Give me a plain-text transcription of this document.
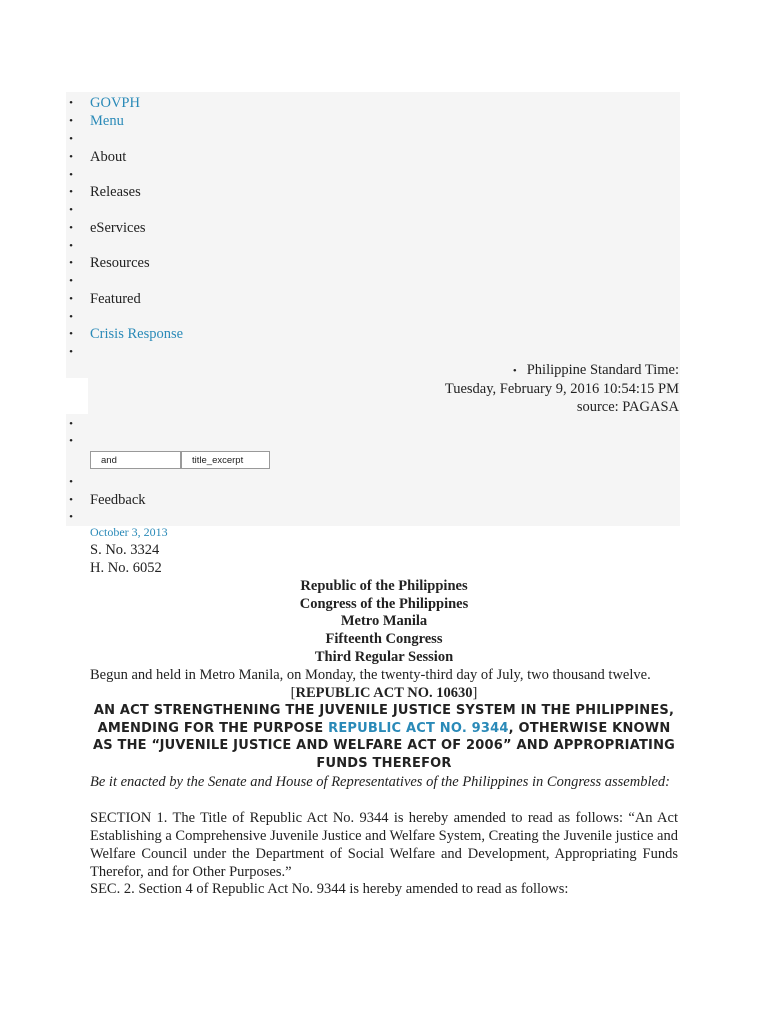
• GOVPH
• Menu
•
• About
•
• Releases
•
• eServices
•
• Resources
•
• Featured
•
• Crisis Response
•
•
•
•
• Feedback
•
• Philippine Standard Time:
Tuesday, February 9, 2016 10:54:15 PM
source: PAGASA
and	title_excerpt
October 3, 2013
S. No. 3324
H. No. 6052
Republic of the Philippines
Congress of the Philippines
Metro Manila
Fifteenth Congress
Third Regular Session
Begun and held in Metro Manila, on Monday, the twenty-third day of July, two thousand twelve.
[REPUBLIC ACT NO. 10630]
AN ACT STRENGTHENING THE JUVENILE JUSTICE SYSTEM IN THE PHILIPPINES, AMENDING FOR THE PURPOSE REPUBLIC ACT NO. 9344, OTHERWISE KNOWN AS THE “JUVENILE JUSTICE AND WELFARE ACT OF 2006” AND APPROPRIATING FUNDS THEREFOR
Be it enacted by the Senate and House of Representatives of the Philippines in Congress assembled:
SECTION 1. The Title of Republic Act No. 9344 is hereby amended to read as follows: “An Act Establishing a Comprehensive Juvenile Justice and Welfare System, Creating the Juvenile justice and Welfare Council under the Department of Social Welfare and Development, Appropriating Funds Therefor, and for Other Purposes.”
SEC. 2. Section 4 of Republic Act No. 9344 is hereby amended to read as follows:
